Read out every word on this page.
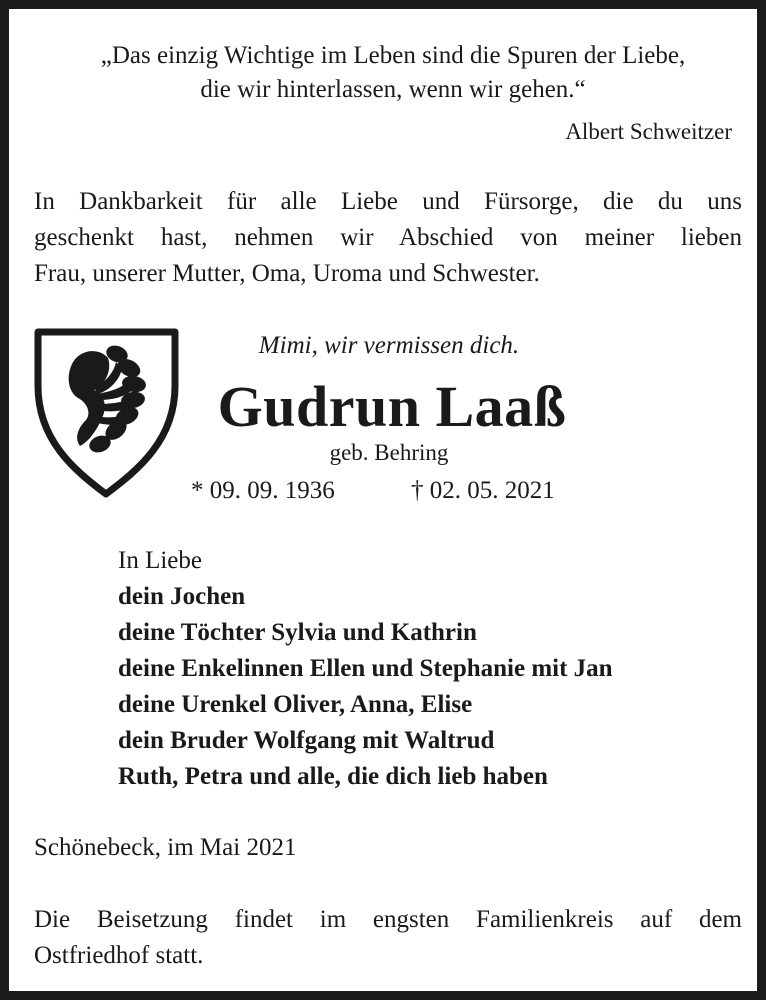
„Das einzig Wichtige im Leben sind die Spuren der Liebe,
die wir hinterlassen, wenn wir gehen.“
Albert Schweitzer
In Dankbarkeit für alle Liebe und Fürsorge, die du uns
geschenkt hast, nehmen wir Abschied von meiner lieben
Frau, unserer Mutter, Oma, Uroma und Schwester.
Mimi, wir vermissen dich.
Gudrun Laaß
geb. Behring
* 09. 09. 1936	† 02. 05. 2021
In Liebe
dein Jochen
deine Töchter Sylvia und Kathrin
deine Enkelinnen Ellen und Stephanie mit Jan
deine Urenkel Oliver, Anna, Elise
dein Bruder Wolfgang mit Waltrud
Ruth, Petra und alle, die dich lieb haben
Schönebeck, im Mai 2021
Die Beisetzung findet im engsten Familienkreis auf dem
Ostfriedhof statt.
